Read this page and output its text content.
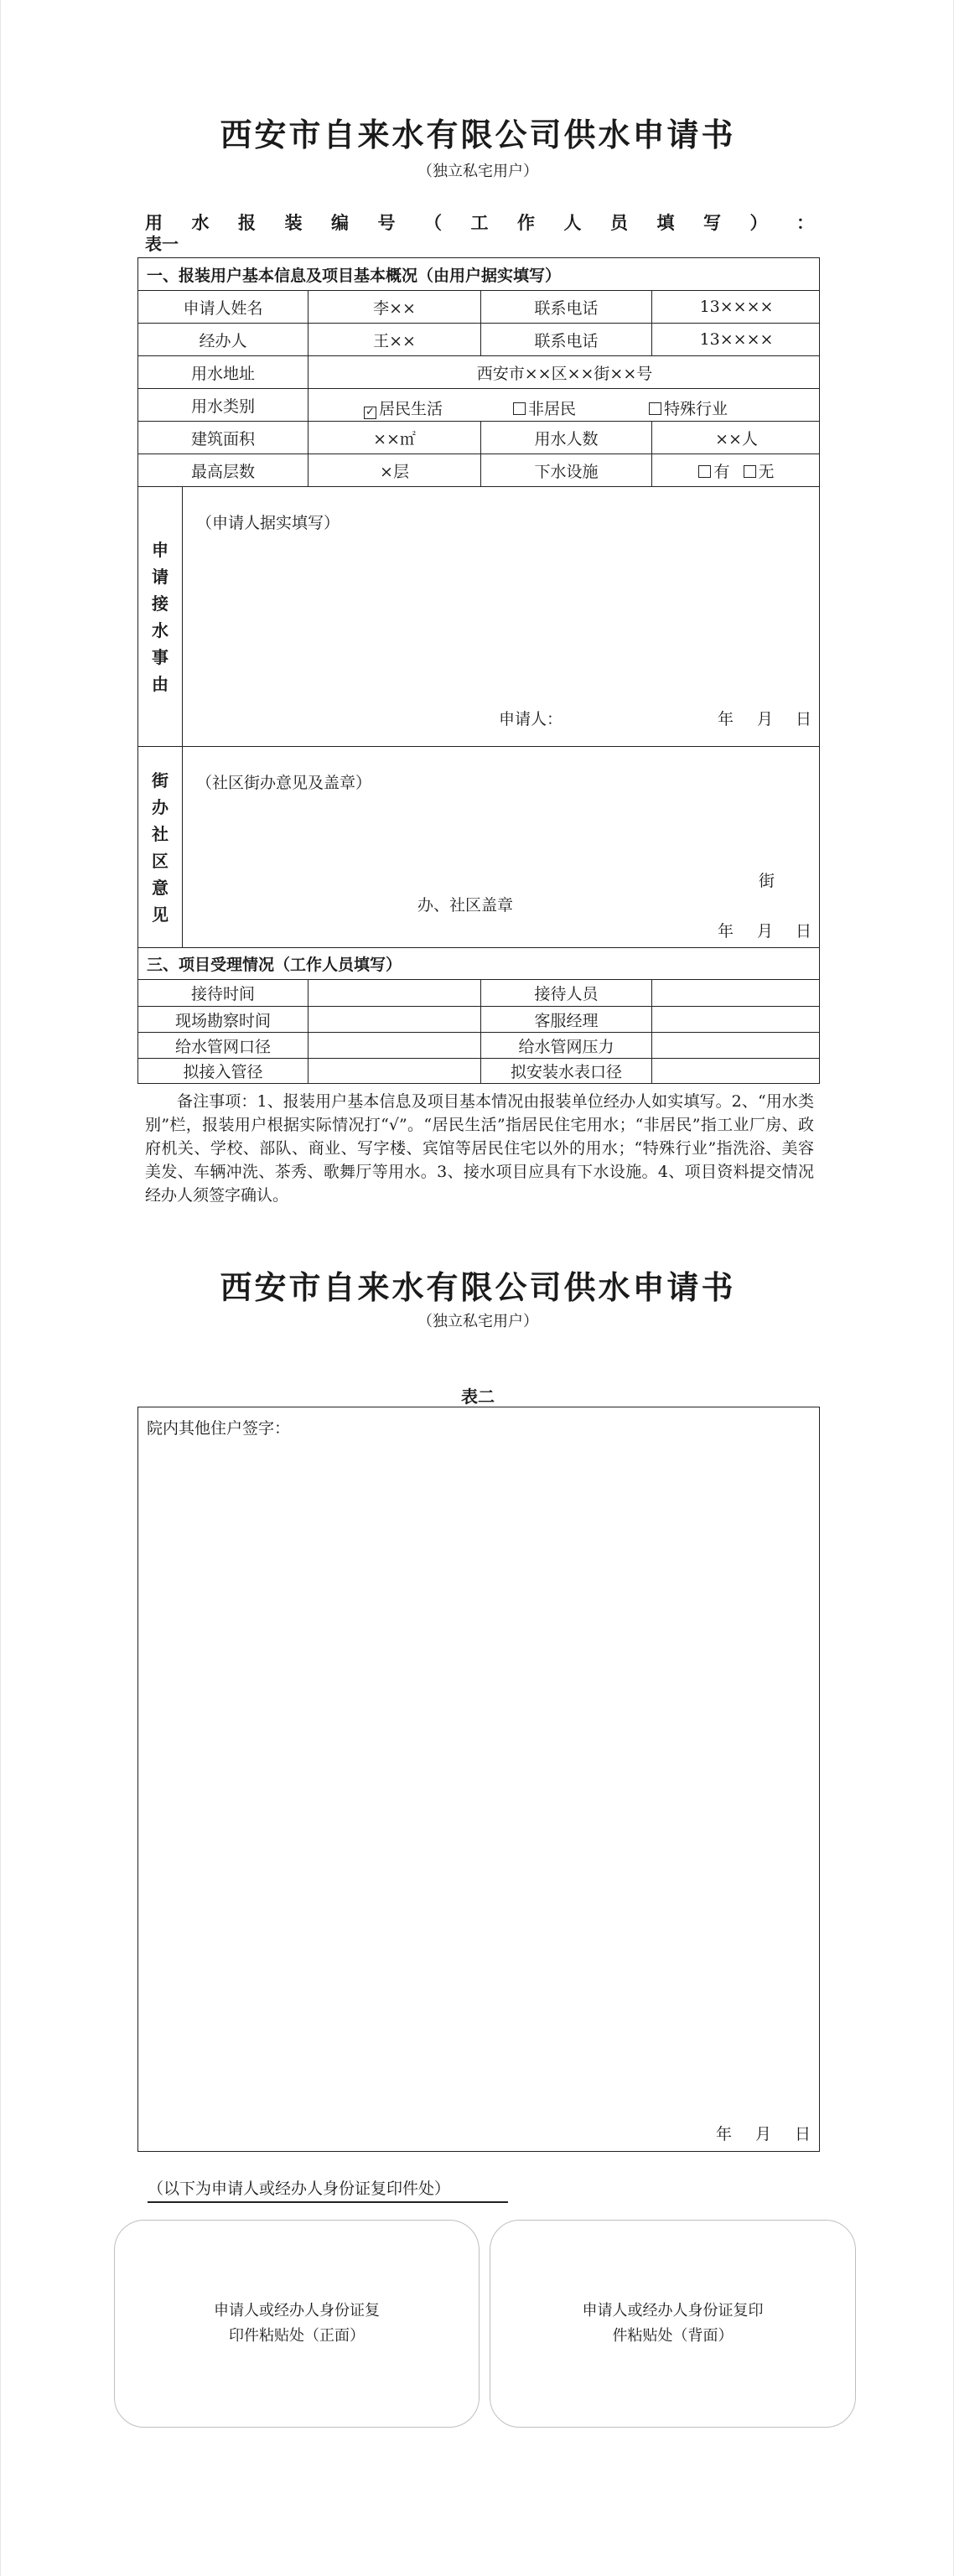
西安市自来水有限公司供水申请书
（独立私宅用户）
用 水 报 装 编 号 （ 工 作 人 员 填 写 ） ：
表一
一、报装用户基本信息及项目基本概况（由用户据实填写）
申请人姓名	李××	联系电话	13××××
经办人	王××	联系电话	13××××
用水地址	西安市××区××街××号
用水类别	✓ 居民生活	非居民	特殊行业
建筑面积	××㎡	用水人数	××人
最高层数	×层	下水设施	有	无
申
请
接
水
事
由
（申请人据实填写）
申请人：	年 月 日
街
办
社
区
意
见
（社区街办意见及盖章）
街
办、社区盖章
年 月 日
三、项目受理情况（工作人员填写）
接待时间	接待人员
现场勘察时间	客服经理
给水管网口径	给水管网压力
拟接入管径	拟安装水表口径
备注事项：1、报装用户基本信息及项目基本情况由报装单位经办人如实填写。2、“用水类别”栏，报装用户根据实际情况打“√”。“居民生活”指居民住宅用水；“非居民”指工业厂房、政府机关、学校、部队、商业、写字楼、宾馆等居民住宅以外的用水；“特殊行业”指洗浴、美容美发、车辆冲洗、茶秀、歌舞厅等用水。3、接水项目应具有下水设施。4、项目资料提交情况经办人须签字确认。
西安市自来水有限公司供水申请书
（独立私宅用户）
表二
院内其他住户签字：
年 月 日
（以下为申请人或经办人身份证复印件处）
申请人或经办人身份证复
印件粘贴处（正面）
申请人或经办人身份证复印
件粘贴处（背面）
